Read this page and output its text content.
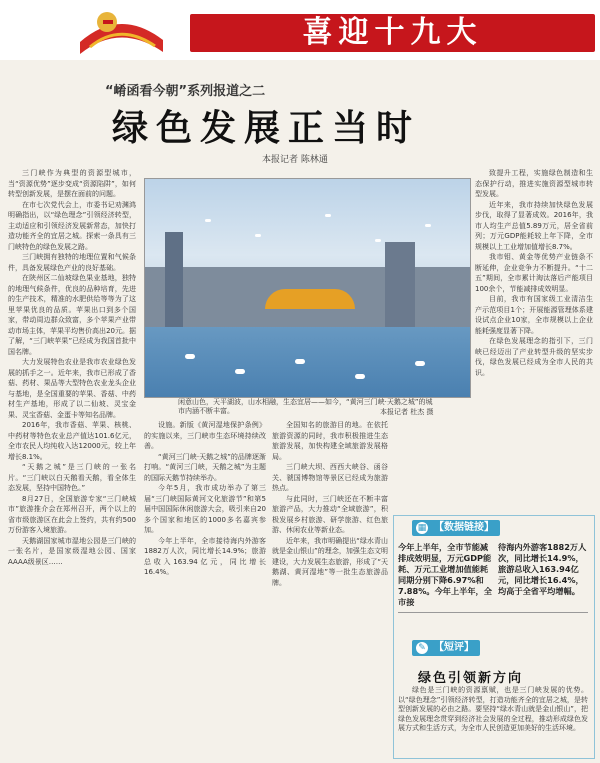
喜迎十九大
“崤函看今朝”系列报道之二
绿色发展正当时
本报记者 陈林通

三门峡作为典型的资源型城市，当“资源优势”逐步变成“资源陷阱”，如何转型创新发展，是摆在面前的问题。

在市七次党代会上，市委书记劝渊鸿明确指出，以“绿色理念”引领经济转型，主动适应和引领经济发展新常态，加快打造功能齐全的宜居之城。探索一条具有三门峡特色的绿色发展之路。

三门峡拥有独特的地理位置和气候条件，具备发展绿色产业的良好基础。

在陕州区二仙坡绿色果业基地，独特的地理气候条件，优良的品种培育，先进的生产技术，精准的水肥供给等等为了这里苹果优良的品质。苹果出口到多个国家，带动周边群众致富，多个苹果产业带动市场主体，苹果平均售价高出20元。据了解，“三门峡苹果”已经成为我国首批中国名牌。

大力发展特色农业是我市农业绿色发展的抓手之一。近年来，我市已形成了香菇、药材、果品等大型特色农业龙头企业与基地，是全国重要的苹果、香菇、中药材生产基地，形成了以二仙坡、灵宝金果、灵宝香菇、金蛋卡等知名品牌。

2016年，我市香菇、苹果、核桃、中药材等特色农业总产值达101.6亿元，全市农民人均纯收入达12000元，较上年增长8.1%。

“天鹅之城”是三门峡的一张名片。“三门峡以白天鹅看天鹅，看全体生态发展，坚持中国特色。”

8月27日，全国旅游专家“三门峡城市”旅游推介会在郑州召开，两个以上的省市级旅游区在此会上签约，共有约500万份游客入境旅游。

天鹅湖国家城市湿地公园是三门峡的一张名片，是国家级湿地公园、国家AAAA级景区……

闲意山色，天平湖波，山水相融，生态宜居——如今，“黄河三门峡·天鹅之城”的城市内涵不断丰富。	本报记者 杜杰 摄

致提升工程，实施绿色制造和生态保护行动，推进实施资源型城市转型发展。

近年来，我市持续加快绿色发展步伐，取得了显著成效。2016年，我市人均生产总值5.89万元，居全省前列；万元GDP能耗较上年下降，全市规模以上工业增加值增长8.7%。

我市钼、黄金等优势产业链条不断延伸，企业竞争力不断提升。“十二五”期间，全市累计淘汰落后产能项目100余个，节能减排成效明显。

目前，我市有国家级工业清洁生产示范项目1个；开展能源管理体系建设试点企业10家，全市规模以上企业能耗强度显著下降。

在绿色发展理念的指引下，三门峡已经迈出了产业转型升级的坚实步伐，绿色发展已经成为全市人民的共识。

设施。新版《黄河湿地保护条例》的实施以来，三门峡市生态环境持续改善。

“黄河三门峡·天鹅之城”的品牌逐渐打响。“黄河三门峡，天鹅之城”为主题的国际天鹅节持续举办。

今年5月，我市成功举办了第三届“三门峡国际黄河文化旅游节”和第5届中国国际休闲旅游大会，吸引来自20多个国家和地区的1000多名嘉宾参加。

今年上半年，全市接待海内外游客1882万人次，同比增长14.9%；旅游总收入163.94亿元，同比增长16.4%。

全国知名的旅游目的地。在依托旅游资源的同时，我市积极推进生态旅游发展，加快构建全域旅游发展格局。

三门峡大坝、西西大峡谷、函谷关、虢国博物馆等景区已经成为旅游热点。

与此同时，三门峡还在不断丰富旅游产品，大力推动“全域旅游”，积极发展乡村旅游、研学旅游、红色旅游、休闲农业等新业态。

近年来，我市明确提出“绿水青山就是金山银山”的理念，加强生态文明建设，大力发展生态旅游，形成了“天鹅湖、黄河湿地”等一批生态旅游品牌。

▦ 【数据链接】
今年上半年，全市节能减排成效明显，万元GDP能耗、万元工业增加值能耗同期分别下降6.97%和7.88%。今年上半年，全市接
待海内外游客1882万人次，同比增长14.9%，旅游总收入163.94亿元，同比增长16.4%，均高于全省平均增幅。
✎ 【短评】
绿色引领新方向

绿色是三门峡的资源禀赋，也是三门峡发展的优势。以“绿色理念”引领经济转型，打造功能齐全的宜居之城，是转型创新发展的必由之路。要坚持“绿水青山就是金山银山”，把绿色发展理念贯穿到经济社会发展的全过程，推动形成绿色发展方式和生活方式，为全市人民创造更加美好的生活环境。
